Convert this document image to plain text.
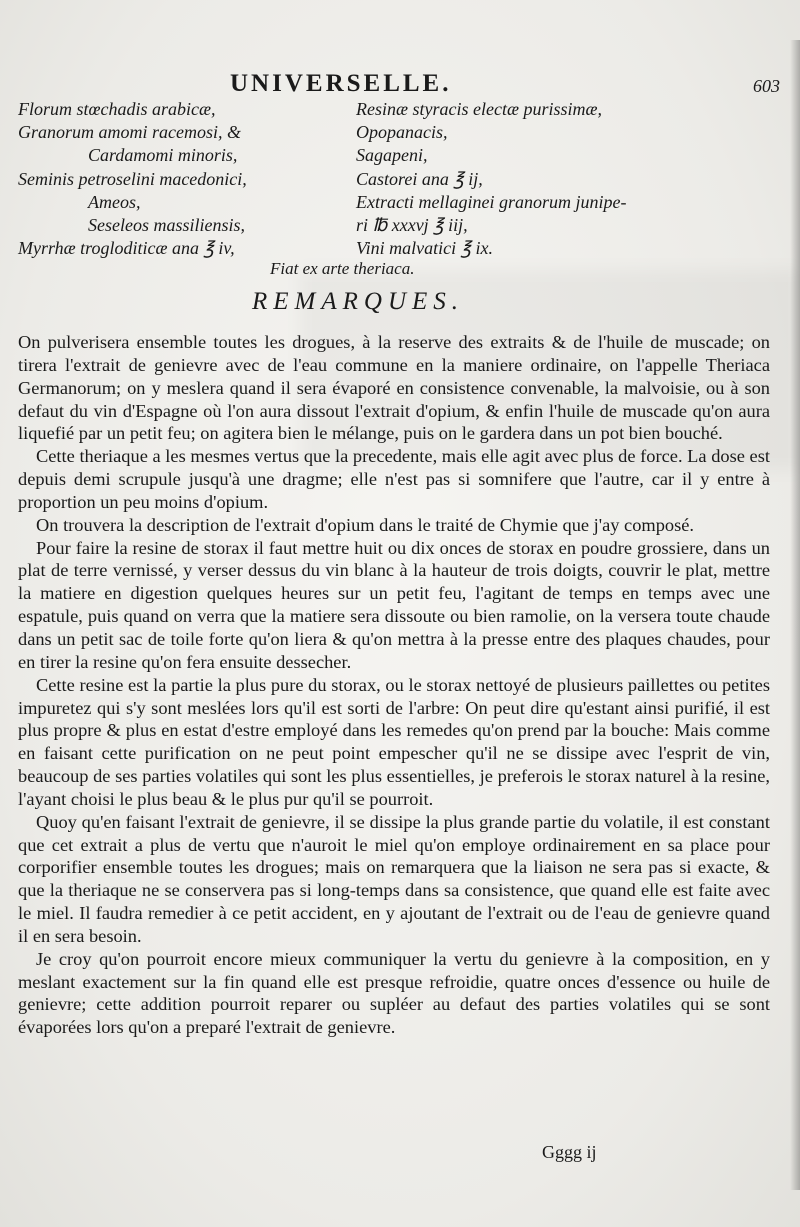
UNIVERSELLE.	603
Florum stœchadis arabicæ,
Granorum amomi racemosi, &
Cardamomi minoris,
Seminis petroselini macedonici,
Ameos,
Seseleos massiliensis,
Myrrhæ trogloditicæ ana ℥ iv,
Resinæ styracis electæ purissimæ,
Opopanacis,
Sagapeni,
Castorei ana ℥ ij,
Extracti mellaginei granorum junipe-
ri ℔ xxxvj ℥ iij,
Vini malvatici ℥ ix.
Fiat ex arte theriaca.
REMARQUES.

On pulverisera ensemble toutes les drogues, à la reserve des extraits & de l'huile de muscade; on tirera l'extrait de genievre avec de l'eau commune en la maniere ordinaire, on l'appelle Theriaca Germanorum; on y meslera quand il sera évaporé en consistence convenable, la malvoisie, ou à son defaut du vin d'Espagne où l'on aura dissout l'extrait d'opium, & enfin l'huile de muscade qu'on aura liquefié par un petit feu; on agitera bien le mélange, puis on le gardera dans un pot bien bouché.

Cette theriaque a les mesmes vertus que la precedente, mais elle agit avec plus de force. La dose est depuis demi scrupule jusqu'à une dragme; elle n'est pas si somnifere que l'autre, car il y entre à proportion un peu moins d'opium.

On trouvera la description de l'extrait d'opium dans le traité de Chymie que j'ay composé.

Pour faire la resine de storax il faut mettre huit ou dix onces de storax en poudre grossiere, dans un plat de terre vernissé, y verser dessus du vin blanc à la hauteur de trois doigts, couvrir le plat, mettre la matiere en digestion quelques heures sur un petit feu, l'agitant de temps en temps avec une espatule, puis quand on verra que la matiere sera dissoute ou bien ramolie, on la versera toute chaude dans un petit sac de toile forte qu'on liera & qu'on mettra à la presse entre des plaques chaudes, pour en tirer la resine qu'on fera ensuite dessecher.

Cette resine est la partie la plus pure du storax, ou le storax nettoyé de plusieurs paillettes ou petites impuretez qui s'y sont meslées lors qu'il est sorti de l'arbre: On peut dire qu'estant ainsi purifié, il est plus propre & plus en estat d'estre employé dans les remedes qu'on prend par la bouche: Mais comme en faisant cette purification on ne peut point empescher qu'il ne se dissipe avec l'esprit de vin, beaucoup de ses parties volatiles qui sont les plus essentielles, je preferois le storax naturel à la resine, l'ayant choisi le plus beau & le plus pur qu'il se pourroit.

Quoy qu'en faisant l'extrait de genievre, il se dissipe la plus grande partie du volatile, il est constant que cet extrait a plus de vertu que n'auroit le miel qu'on employe ordinairement en sa place pour corporifier ensemble toutes les drogues; mais on remarquera que la liaison ne sera pas si exacte, & que la theriaque ne se conservera pas si long-temps dans sa consistence, que quand elle est faite avec le miel. Il faudra remedier à ce petit accident, en y ajoutant de l'extrait ou de l'eau de genievre quand il en sera besoin.

Je croy qu'on pourroit encore mieux communiquer la vertu du genievre à la composition, en y meslant exactement sur la fin quand elle est presque refroidie, quatre onces d'essence ou huile de genievre; cette addition pourroit reparer ou supléer au defaut des parties volatiles qui se sont évaporées lors qu'on a preparé l'extrait de genievre.

Gggg ij
